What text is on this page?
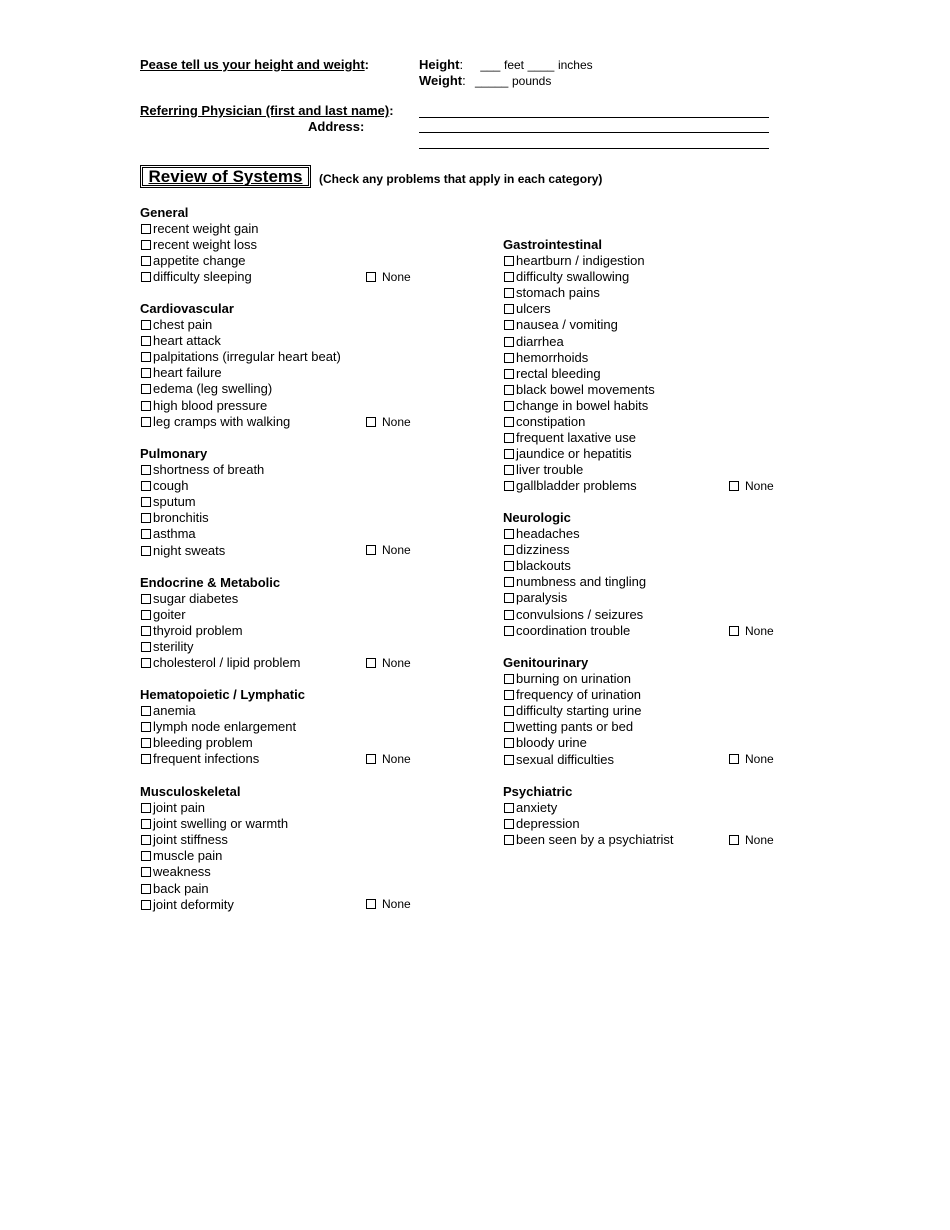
Pease tell us your height and weight:	Height: ___ feet ____ inches
Weight: _____ pounds
Referring Physician (first and last name):
Address:
Review of Systems	(Check any problems that apply in each category)
General
recent weight gain
recent weight loss
appetite change
difficulty sleeping	None
Cardiovascular
chest pain
heart attack
palpitations (irregular heart beat)
heart failure
edema (leg swelling)
high blood pressure
leg cramps with walking	None
Pulmonary
shortness of breath
cough
sputum
bronchitis
asthma
night sweats	None
Endocrine & Metabolic
sugar diabetes
goiter
thyroid problem
sterility
cholesterol / lipid problem	None
Hematopoietic / Lymphatic
anemia
lymph node enlargement
bleeding problem
frequent infections	None
Musculoskeletal
joint pain
joint swelling or warmth
joint stiffness
muscle pain
weakness
back pain
joint deformity	None
Gastrointestinal
heartburn / indigestion
difficulty swallowing
stomach pains
ulcers
nausea / vomiting
diarrhea
hemorrhoids
rectal bleeding
black bowel movements
change in bowel habits
constipation
frequent laxative use
jaundice or hepatitis
liver trouble
gallbladder problems	None
Neurologic
headaches
dizziness
blackouts
numbness and tingling
paralysis
convulsions / seizures
coordination trouble	None
Genitourinary
burning on urination
frequency of urination
difficulty starting urine
wetting pants or bed
bloody urine
sexual difficulties	None
Psychiatric
anxiety
depression
been seen by a psychiatrist	None
